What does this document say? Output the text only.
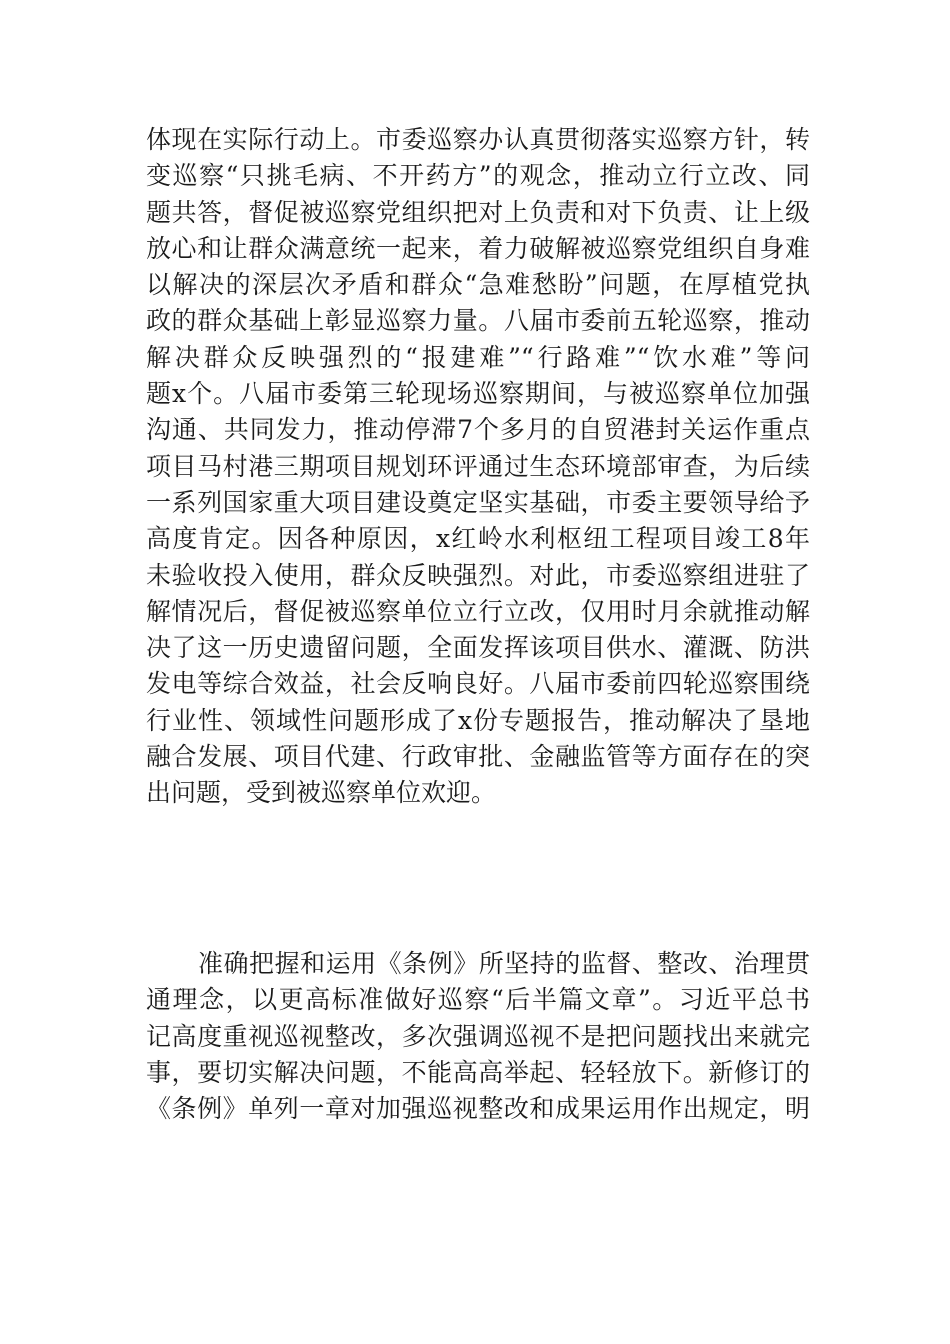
体现在实际行动上。市委巡察办认真贯彻落实巡察方针，转
变巡察“只挑毛病、不开药方”的观念，推动立行立改、同
题共答，督促被巡察党组织把对上负责和对下负责、让上级
放心和让群众满意统一起来，着力破解被巡察党组织自身难
以解决的深层次矛盾和群众“急难愁盼”问题，在厚植党执
政的群众基础上彰显巡察力量。八届市委前五轮巡察，推动
解决群众反映强烈的“报建难”“行路难”“饮水难”等问
题x个。八届市委第三轮现场巡察期间，与被巡察单位加强
沟通、共同发力，推动停滞7个多月的自贸港封关运作重点
项目马村港三期项目规划环评通过生态环境部审查，为后续
一系列国家重大项目建设奠定坚实基础，市委主要领导给予
高度肯定。因各种原因，x红岭水利枢纽工程项目竣工8年
未验收投入使用，群众反映强烈。对此，市委巡察组进驻了
解情况后，督促被巡察单位立行立改，仅用时月余就推动解
决了这一历史遗留问题，全面发挥该项目供水、灌溉、防洪
发电等综合效益，社会反响良好。八届市委前四轮巡察围绕
行业性、领域性问题形成了x份专题报告，推动解决了垦地
融合发展、项目代建、行政审批、金融监管等方面存在的突
出问题，受到被巡察单位欢迎。
准确把握和运用《条例》所坚持的监督、整改、治理贯
通理念，以更高标准做好巡察“后半篇文章”。习近平总书
记高度重视巡视整改，多次强调巡视不是把问题找出来就完
事，要切实解决问题，不能高高举起、轻轻放下。新修订的
《条例》单列一章对加强巡视整改和成果运用作出规定，明
